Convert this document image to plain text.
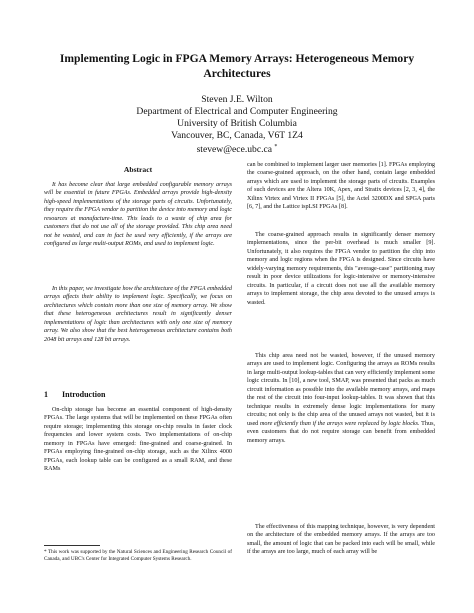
Implementing Logic in FPGA Memory Arrays: Heterogeneous Memory Architectures
Steven J.E. Wilton
Department of Electrical and Computer Engineering
University of British Columbia
Vancouver, BC, Canada, V6T 1Z4
stevew@ece.ubc.ca *
Abstract

It has become clear that large embedded configurable memory arrays will be essential in future FPGAs. Embedded arrays provide high-density high-speed implementations of the storage parts of circuits. Unfortunately, they require the FPGA vendor to partition the device into memory and logic resources at manufacture-time. This leads to a waste of chip area for customers that do not use all of the storage provided. This chip area need not be wasted, and can in fact be used very efficiently, if the arrays are configured as large multi-output ROMs, and used to implement logic.

In this paper, we investigate how the architecture of the FPGA embedded arrays affects their ability to implement logic. Specifically, we focus on architectures which contain more than one size of memory array. We show that these heterogeneous architectures result in significantly denser implementations of logic than architectures with only one size of memory array. We also show that the best heterogeneous architecture contains both 2048 bit arrays and 128 bit arrays.

1 Introduction

On-chip storage has become an essential component of high-density FPGAs. The large systems that will be implemented on these FPGAs often require storage; implementing this storage on-chip results in faster clock frequencies and lower system costs. Two implementations of on-chip memory in FPGAs have emerged: fine-grained and coarse-grained. In FPGAs employing fine-grained on-chip storage, such as the Xilinx 4000 FPGAs, each lookup table can be configured as a small RAM, and these RAMs

* This work was supported by the Natural Sciences and Engineering Research Council of Canada, and UBC's Center for Integrated Computer Systems Research.

can be combined to implement larger user memories [1]. FPGAs employing the coarse-grained approach, on the other hand, contain large embedded arrays which are used to implement the storage parts of circuits. Examples of such devices are the Altera 10K, Apex, and Stratix devices [2, 3, 4], the Xilinx Virtex and Virtex II FPGAs [5], the Actel 3200DX and SPGA parts [6, 7], and the Lattice ispLSI FPGAs [8].

The coarse-grained approach results in significantly denser memory implementations, since the per-bit overhead is much smaller [9]. Unfortunately, it also requires the FPGA vendor to partition the chip into memory and logic regions when the FPGA is designed. Since circuits have widely-varying memory requirements, this "average-case" partitioning may result in poor device utilizations for logic-intensive or memory-intensive circuits. In particular, if a circuit does not use all the available memory arrays to implement storage, the chip area devoted to the unused arrays is wasted.

This chip area need not be wasted, however, if the unused memory arrays are used to implement logic. Configuring the arrays as ROMs results in large multi-output lookup-tables that can very efficiently implement some logic circuits. In [10], a new tool, SMAP, was presented that packs as much circuit information as possible into the available memory arrays, and maps the rest of the circuit into four-input lookup-tables. It was shown that this technique results in extremely dense logic implementations for many circuits; not only is the chip area of the unused arrays not wasted, but it is used more efficiently than if the arrays were replaced by logic blocks. Thus, even customers that do not require storage can benefit from embedded memory arrays.

The effectiveness of this mapping technique, however, is very dependent on the architecture of the embedded memory arrays. If the arrays are too small, the amount of logic that can be packed into each will be small, while if the arrays are too large, much of each array will be
